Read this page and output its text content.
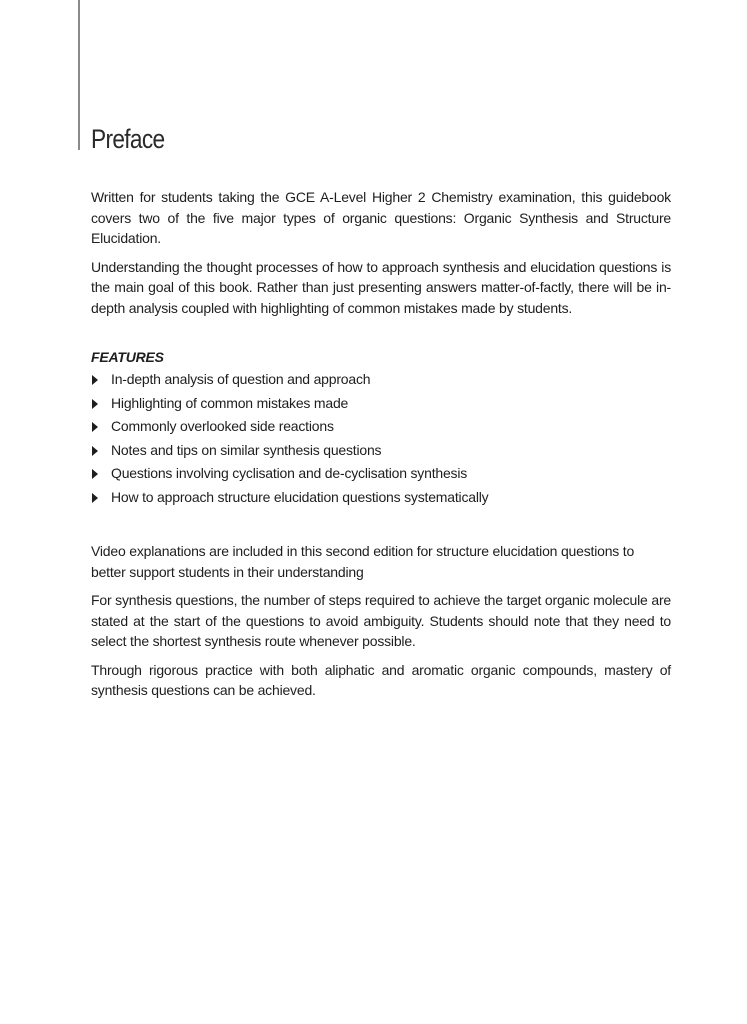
Preface

Written for students taking the GCE A-Level Higher 2 Chemistry examination, this guidebook covers two of the five major types of organic questions: Organic Synthesis and Structure Elucidation.

Understanding the thought processes of how to approach synthesis and elucidation questions is the main goal of this book. Rather than just presenting answers matter-of-factly, there will be in-depth analysis coupled with highlighting of common mistakes made by students.

FEATURES
In-depth analysis of question and approach
Highlighting of common mistakes made
Commonly overlooked side reactions
Notes and tips on similar synthesis questions
Questions involving cyclisation and de-cyclisation synthesis
How to approach structure elucidation questions systematically

Video explanations are included in this second edition for structure elucidation questions to better support students in their understanding

For synthesis questions, the number of steps required to achieve the target organic molecule are stated at the start of the questions to avoid ambiguity. Students should note that they need to select the shortest synthesis route whenever possible.

Through rigorous practice with both aliphatic and aromatic organic compounds, mastery of synthesis questions can be achieved.
